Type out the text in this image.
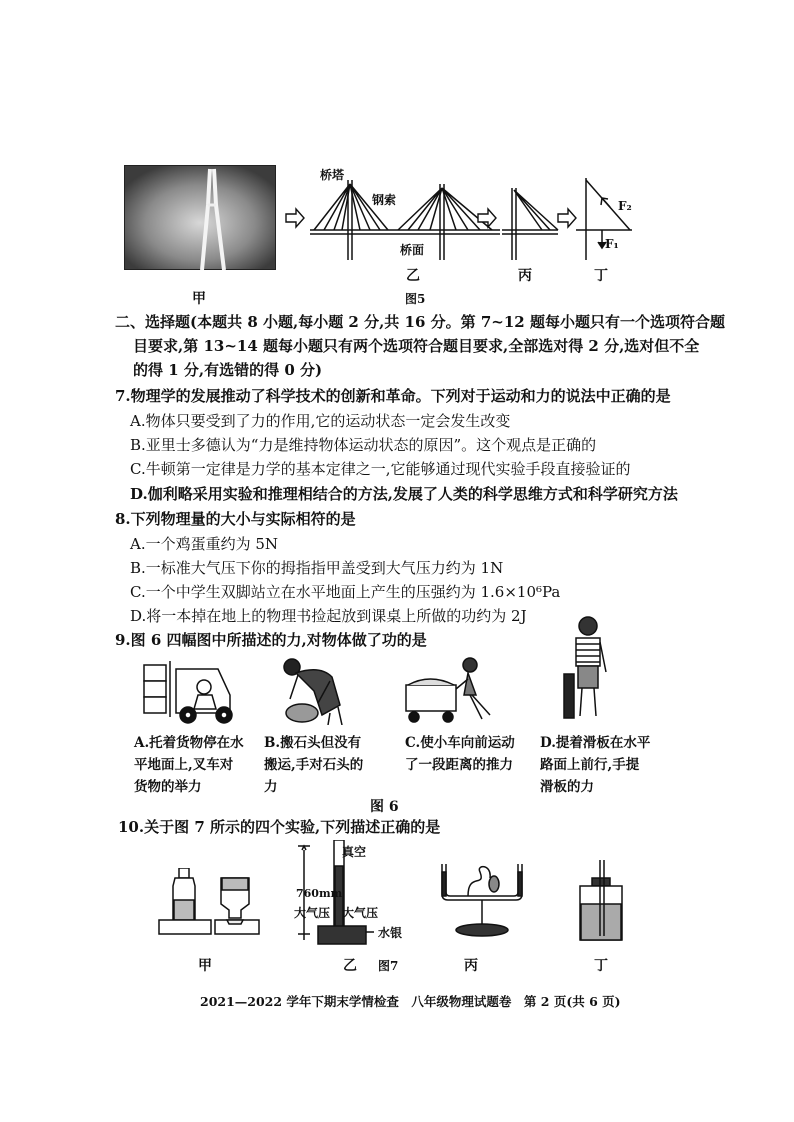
甲
桥塔
钢索
桥面
F₂
F₁
乙	丙	丁
图5
二、选择题(本题共 8 小题,每小题 2 分,共 16 分。第 7~12 题每小题只有一个选项符合题
目要求,第 13~14 题每小题只有两个选项符合题目要求,全部选对得 2 分,选对但不全
的得 1 分,有选错的得 0 分)
7.物理学的发展推动了科学技术的创新和革命。下列对于运动和力的说法中正确的是
A.物体只要受到了力的作用,它的运动状态一定会发生改变
B.亚里士多德认为“力是维持物体运动状态的原因”。这个观点是正确的
C.牛顿第一定律是力学的基本定律之一,它能够通过现代实验手段直接验证的
D.伽利略采用实验和推理相结合的方法,发展了人类的科学思维方式和科学研究方法
8.下列物理量的大小与实际相符的是
A.一个鸡蛋重约为 5N
B.一标准大气压下你的拇指指甲盖受到大气压力约为 1N
C.一个中学生双脚站立在水平地面上产生的压强约为 1.6×10⁶Pa
D.将一本掉在地上的物理书捡起放到课桌上所做的功约为 2J
9.图 6 四幅图中所描述的力,对物体做了功的是
A.托着货物停在水平地面上,叉车对货物的举力
B.搬石头但没有搬运,手对石头的力
C.使小车向前运动了一段距离的推力
D.提着滑板在水平路面上前行,手提滑板的力
图 6
10.关于图 7 所示的四个实验,下列描述正确的是
真空
760mm
大气压 大气压
水银
甲	乙 图7	丙	丁
2021—2022 学年下期末学情检查　八年级物理试题卷　第 2 页(共 6 页)
